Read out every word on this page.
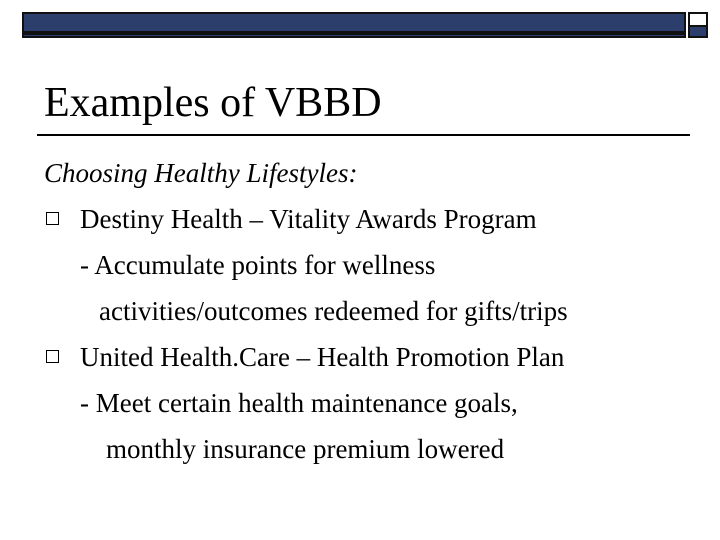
Examples of VBBD
Choosing Healthy Lifestyles:
Destiny Health – Vitality Awards Program
- Accumulate points for wellness
activities/outcomes redeemed for gifts/trips
United Health.Care – Health Promotion Plan
- Meet certain health maintenance goals,
monthly insurance premium lowered
